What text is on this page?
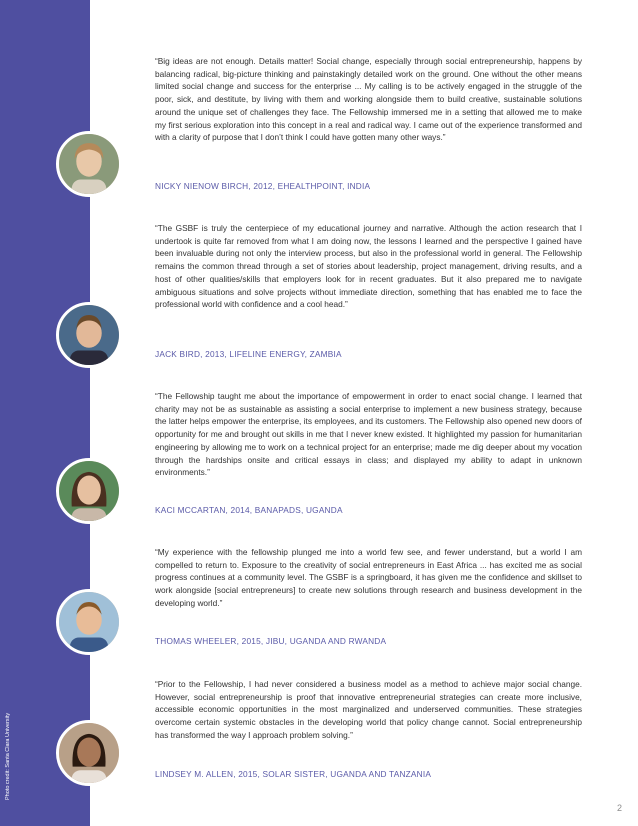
Photo credit: Santa Clara University

“Big ideas are not enough. Details matter! Social change, especially through social entrepreneurship, happens by balancing radical, big-picture thinking and painstakingly detailed work on the ground. One without the other means limited social change and success for the enterprise ... My calling is to be actively engaged in the struggle of the poor, sick, and destitute, by living with them and working alongside them to build creative, sustainable solutions around the unique set of challenges they face. The Fellowship immersed me in a setting that allowed me to make my first serious exploration into this concept in a real and radical way. I came out of the experience transformed and with a clarity of purpose that I don’t think I could have gotten many other ways.”

NICKY NIENOW BIRCH, 2012, EHEALTHPOINT, INDIA

“The GSBF is truly the centerpiece of my educational journey and narrative. Although the action research that I undertook is quite far removed from what I am doing now, the lessons I learned and the perspective I gained have been invaluable during not only the interview process, but also in the professional world in general. The Fellowship remains the common thread through a set of stories about leadership, project management, driving results, and a host of other qualities/skills that employers look for in recent graduates. But it also prepared me to navigate ambiguous situations and solve projects without immediate direction, something that has enabled me to face the professional world with confidence and a cool head.”

JACK BIRD, 2013, LIFELINE ENERGY, ZAMBIA

“The Fellowship taught me about the importance of empowerment in order to enact social change. I learned that charity may not be as sustainable as assisting a social enterprise to implement a new business strategy, because the latter helps empower the enterprise, its employees, and its customers. The Fellowship also opened new doors of opportunity for me and brought out skills in me that I never knew existed. It highlighted my passion for humanitarian engineering by allowing me to work on a technical project for an enterprise; made me dig deeper about my vocation through the hardships onsite and critical essays in class; and displayed my ability to adapt in unknown environments.”

KACI MCCARTAN, 2014, BANAPADS, UGANDA

“My experience with the fellowship plunged me into a world few see, and fewer understand, but a world I am compelled to return to. Exposure to the creativity of social entrepreneurs in East Africa ... has excited me as social progress continues at a community level. The GSBF is a springboard, it has given me the confidence and skillset to work alongside [social entrepreneurs] to create new solutions through research and business development in the developing world.”

THOMAS WHEELER, 2015, JIBU, UGANDA AND RWANDA

“Prior to the Fellowship, I had never considered a business model as a method to achieve major social change. However, social entrepreneurship is proof that innovative entrepreneurial strategies can create more inclusive, accessible economic opportunities in the most marginalized and underserved communities. These strategies overcome certain systemic obstacles in the developing world that policy change cannot. Social entrepreneurship has transformed the way I approach problem solving.”

LINDSEY M. ALLEN, 2015, SOLAR SISTER, UGANDA AND TANZANIA

2
